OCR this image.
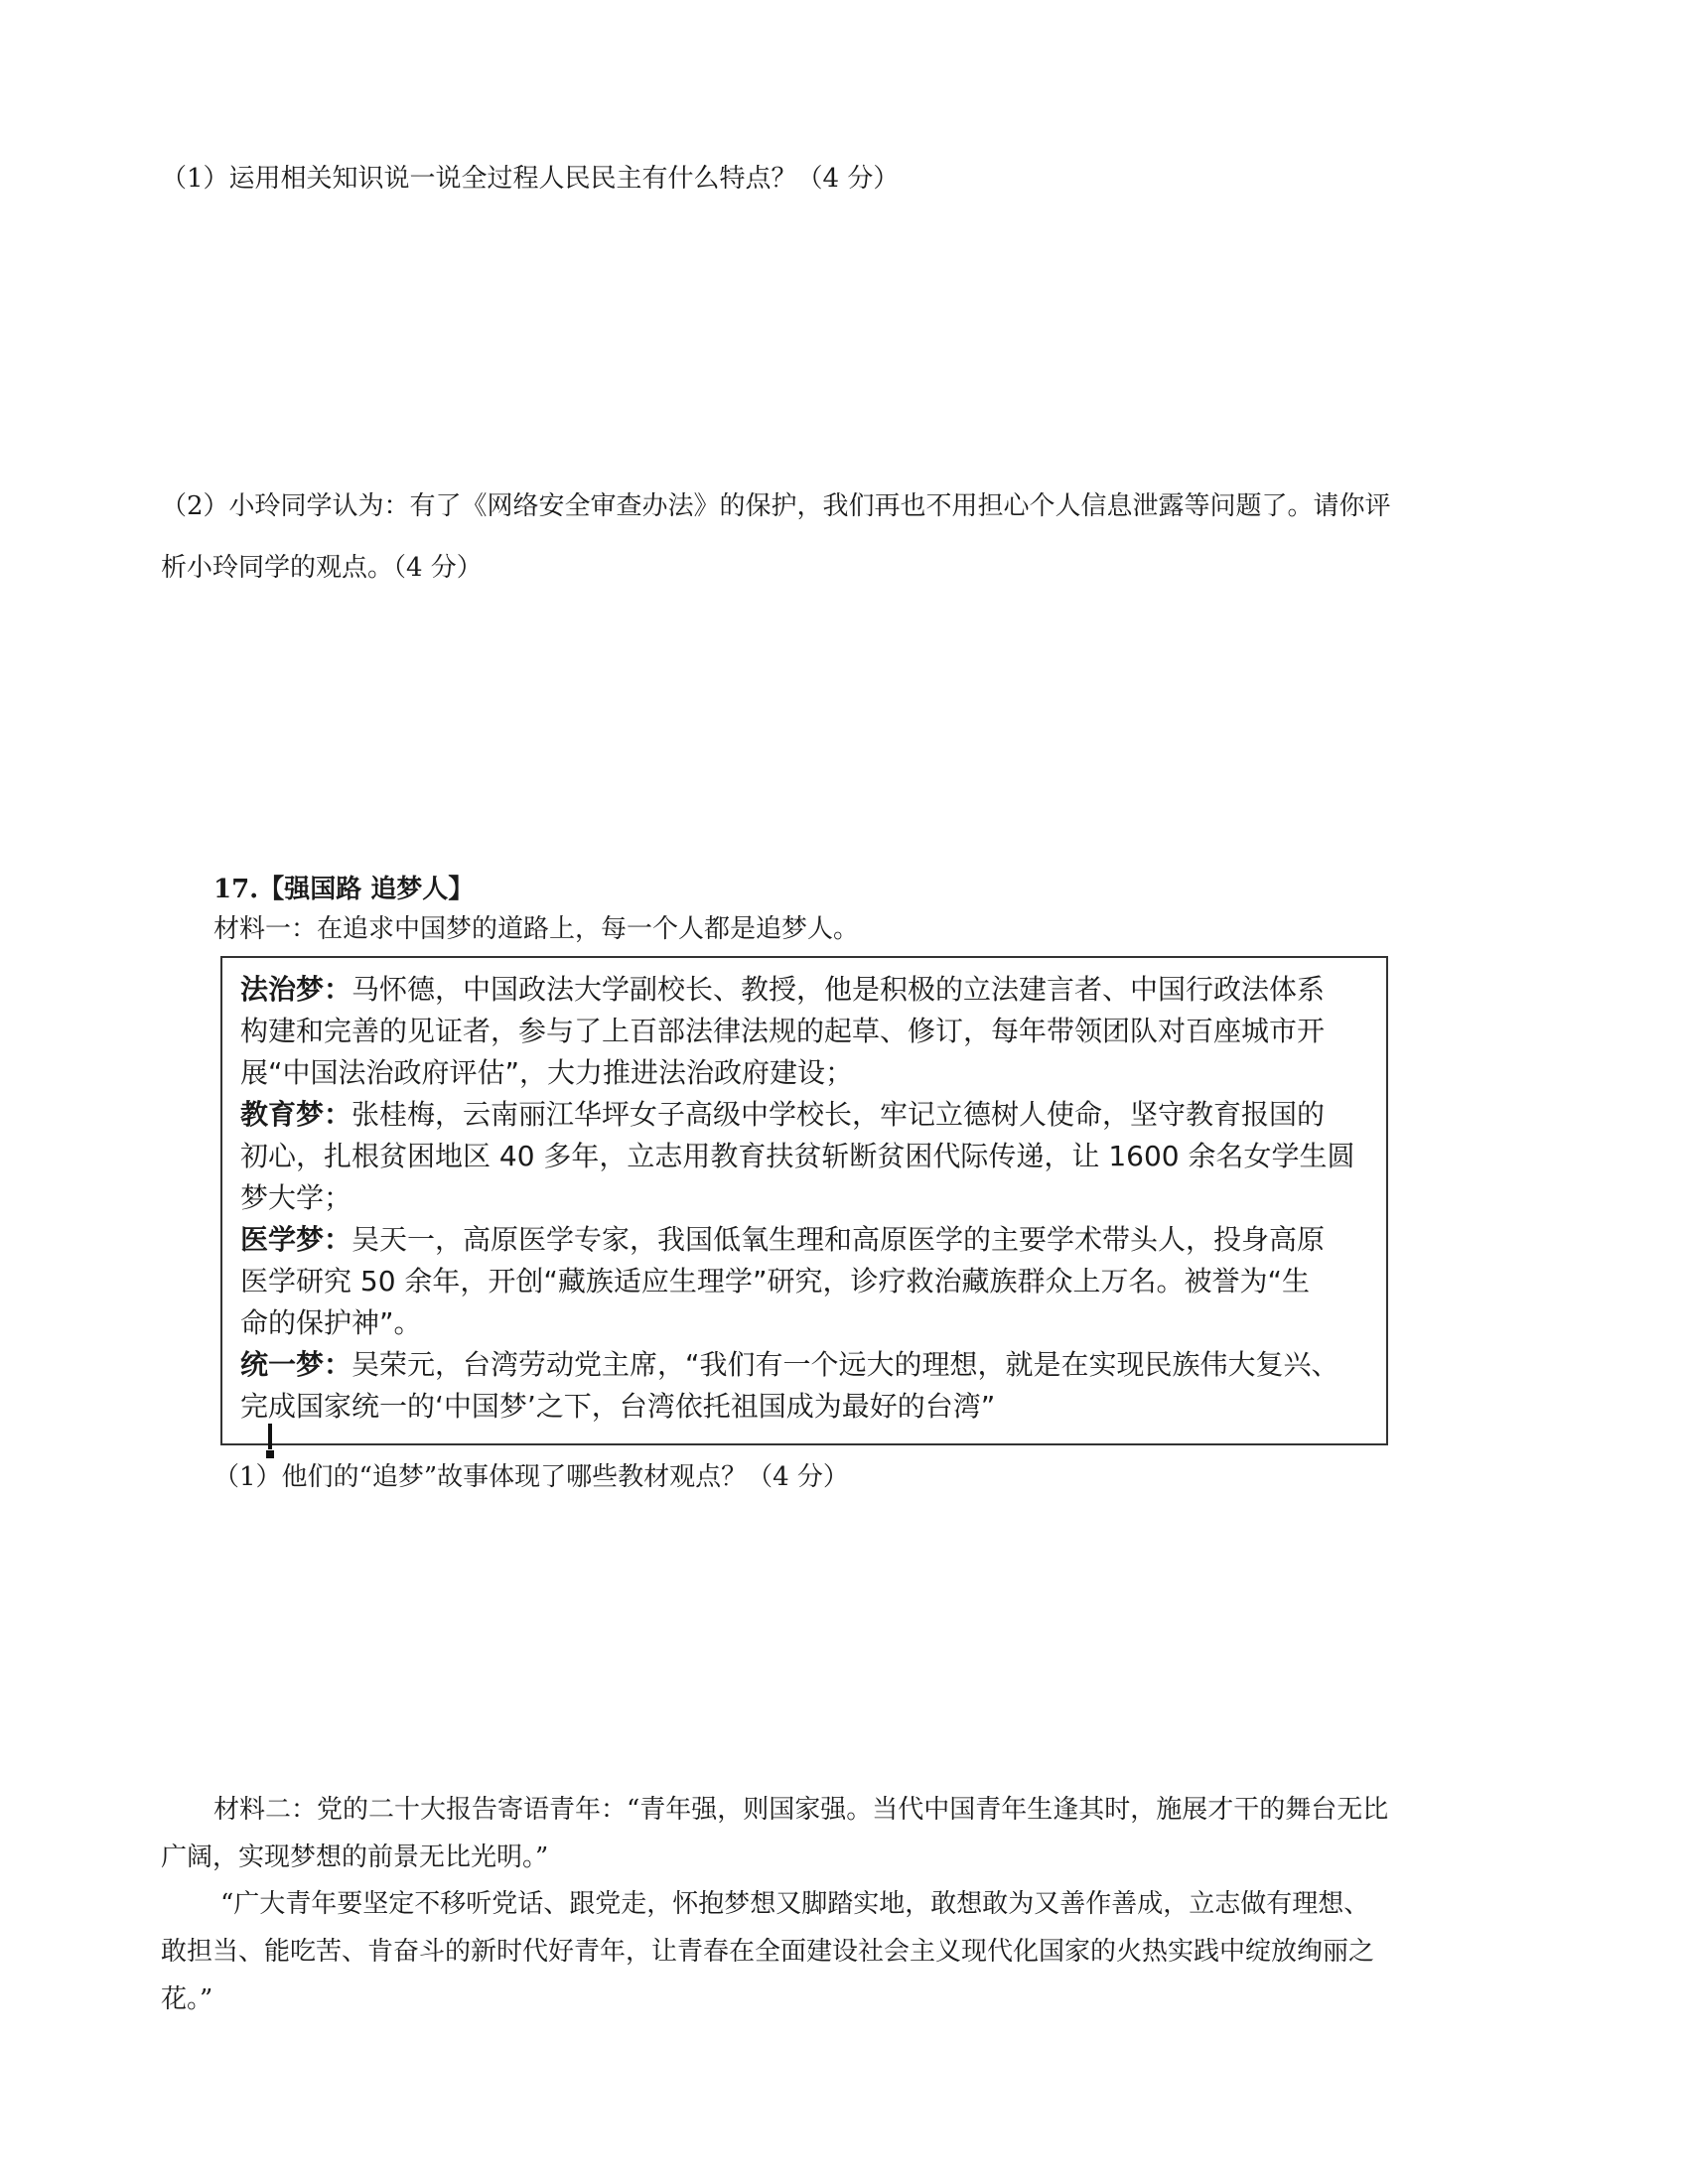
（1）运用相关知识说一说全过程人民民主有什么特点？（4 分）
（2）小玲同学认为：有了《网络安全审查办法》的保护，我们再也不用担心个人信息泄露等问题了。请你评
析小玲同学的观点。（4 分）
17.【强国路 追梦人】
材料一：在追求中国梦的道路上，每一个人都是追梦人。
法治梦：马怀德，中国政法大学副校长、教授，他是积极的立法建言者、中国行政法体系
构建和完善的见证者，参与了上百部法律法规的起草、修订，每年带领团队对百座城市开
展“中国法治政府评估”，大力推进法治政府建设；
教育梦：张桂梅，云南丽江华坪女子高级中学校长，牢记立德树人使命，坚守教育报国的
初心，扎根贫困地区 40 多年，立志用教育扶贫斩断贫困代际传递，让 1600 余名女学生圆
梦大学；
医学梦：吴天一，高原医学专家，我国低氧生理和高原医学的主要学术带头人，投身高原
医学研究 50 余年，开创“藏族适应生理学”研究，诊疗救治藏族群众上万名。被誉为“生
命的保护神”。
统一梦：吴荣元，台湾劳动党主席，“我们有一个远大的理想，就是在实现民族伟大复兴、
完成国家统一的‘中国梦’之下，台湾依托祖国成为最好的台湾”
（1）他们的“追梦”故事体现了哪些教材观点？（4 分）
材料二：党的二十大报告寄语青年：“青年强，则国家强。当代中国青年生逢其时，施展才干的舞台无比
广阔，实现梦想的前景无比光明。”
“广大青年要坚定不移听党话、跟党走，怀抱梦想又脚踏实地，敢想敢为又善作善成，立志做有理想、
敢担当、能吃苦、肯奋斗的新时代好青年，让青春在全面建设社会主义现代化国家的火热实践中绽放绚丽之
花。”
